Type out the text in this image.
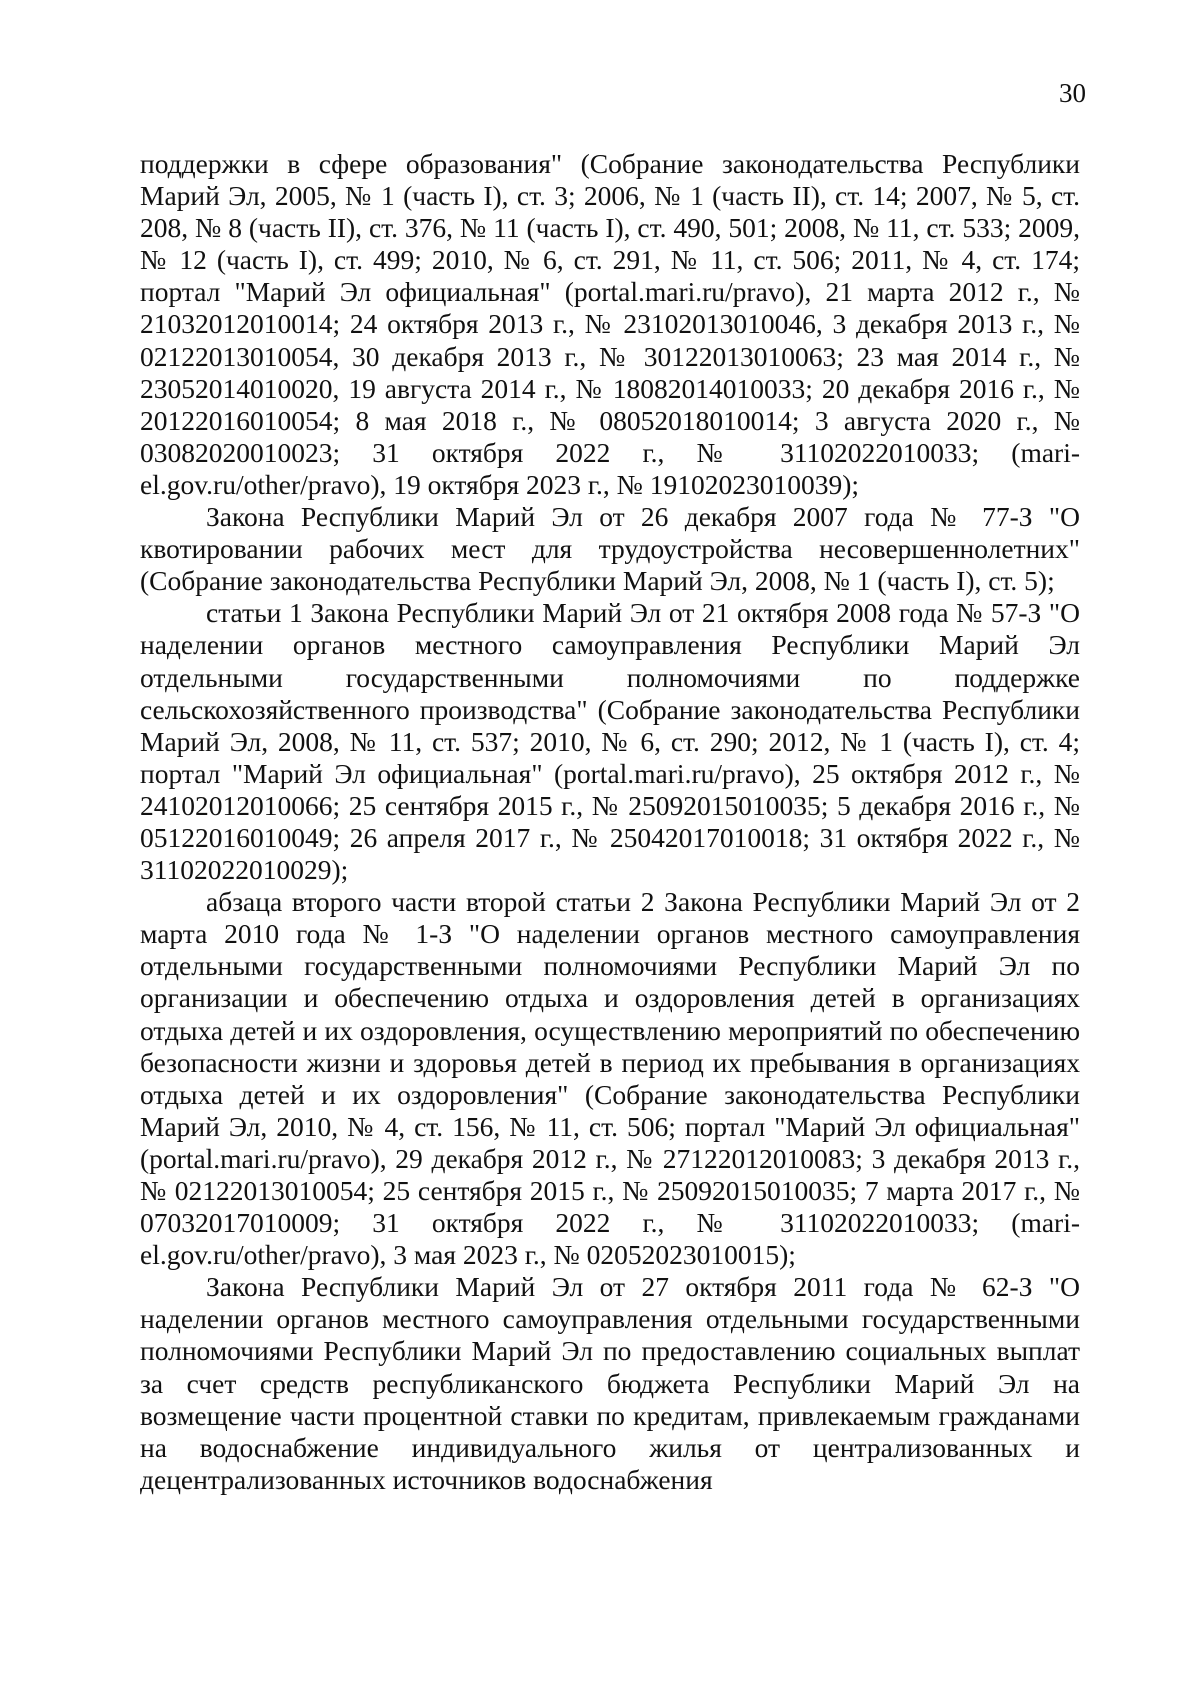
30

поддержки в сфере образования" (Собрание законодательства Республики Марий Эл, 2005, № 1 (часть I), ст. 3; 2006, № 1 (часть II), ст. 14; 2007, № 5, ст. 208, № 8 (часть II), ст. 376, № 11 (часть I), ст. 490, 501; 2008, № 11, ст. 533; 2009, № 12 (часть I), ст. 499; 2010, № 6, ст. 291, № 11, ст. 506; 2011, № 4, ст. 174; портал "Марий Эл официальная" (portal.mari.ru/pravo), 21 марта 2012 г., № 21032012010014; 24 октября 2013 г., № 23102013010046, 3 декабря 2013 г., № 02122013010054, 30 декабря 2013 г., № 30122013010063; 23 мая 2014 г., № 23052014010020, 19 августа 2014 г., № 18082014010033; 20 декабря 2016 г., № 20122016010054; 8 мая 2018 г., № 08052018010014; 3 августа 2020 г., № 03082020010023; 31 октября 2022 г., № 31102022010033; (mari-el.gov.ru/other/pravo), 19 октября 2023 г., № 19102023010039);

Закона Республики Марий Эл от 26 декабря 2007 года № 77-З "О квотировании рабочих мест для трудоустройства несовершеннолетних" (Собрание законодательства Республики Марий Эл, 2008, № 1 (часть I), ст. 5);

статьи 1 Закона Республики Марий Эл от 21 октября 2008 года № 57-З "О наделении органов местного самоуправления Республики Марий Эл отдельными государственными полномочиями по поддержке сельскохозяйственного производства" (Собрание законодательства Республики Марий Эл, 2008, № 11, ст. 537; 2010, № 6, ст. 290; 2012, № 1 (часть I), ст. 4; портал "Марий Эл официальная" (portal.mari.ru/pravo), 25 октября 2012 г., № 24102012010066; 25 сентября 2015 г., № 25092015010035; 5 декабря 2016 г., № 05122016010049; 26 апреля 2017 г., № 25042017010018; 31 октября 2022 г., № 31102022010029);

абзаца второго части второй статьи 2 Закона Республики Марий Эл от 2 марта 2010 года № 1-З "О наделении органов местного самоуправления отдельными государственными полномочиями Республики Марий Эл по организации и обеспечению отдыха и оздоровления детей в организациях отдыха детей и их оздоровления, осуществлению мероприятий по обеспечению безопасности жизни и здоровья детей в период их пребывания в организациях отдыха детей и их оздоровления" (Собрание законодательства Республики Марий Эл, 2010, № 4, ст. 156, № 11, ст. 506; портал "Марий Эл официальная" (portal.mari.ru/pravo), 29 декабря 2012 г., № 27122012010083; 3 декабря 2013 г., № 02122013010054; 25 сентября 2015 г., № 25092015010035; 7 марта 2017 г., № 07032017010009; 31 октября 2022 г., № 31102022010033; (mari-el.gov.ru/other/pravo), 3 мая 2023 г., № 02052023010015);

Закона Республики Марий Эл от 27 октября 2011 года № 62-З "О наделении органов местного самоуправления отдельными государственными полномочиями Республики Марий Эл по предоставлению социальных выплат за счет средств республиканского бюджета Республики Марий Эл на возмещение части процентной ставки по кредитам, привлекаемым гражданами на водоснабжение индивидуального жилья от централизованных и децентрализованных источников водоснабжения
